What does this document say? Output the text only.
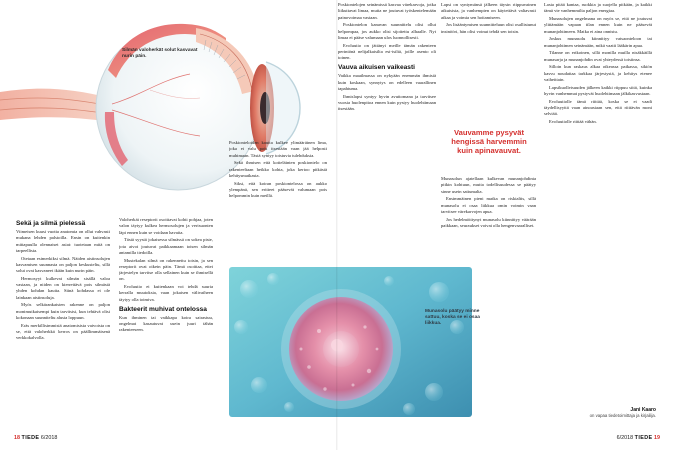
Silmän valoherkät solut kasvavat nurin päin.
Sekä ja silmä pielessä

Viimeisen kuusi vuotta anatomia on ollut vahvasti mukana lehden palstoilla. Ensin on kuitenkin mittapuulla olennaiset asiat: tuotetaan mitä on tarpeellista.

Otetaan esimerkiksi silmä. Näiden aistinsolujen kasvamisen suunnasta on paljon keskusteltu, sillä solut ovat kasvaneet ikään kuin nurin päin.

Hermosyyt kulkevat silmän sisällä valoa vastaan, ja niiden on kierrettävä pois silmästä yhden kohdan kautta. Siinä kohdassa ei ole lainkaan aistinsoluja.

Myös selkärankaisten rakenne on paljon monimutkaisempi kuin tarvitsisi, kun tehtävä olisi kokonaan suunniteltu alusta loppuun.

Eräs merkillisimmistä anatomisista vaivoista on se, että valoherkkä kerros on päällimmäisenä verkkokalvolla.

Valoherkät reseptorit osoittavat kohti pohjaa, joten valon täytyy kulkea hermosolujen ja verisuonten läpi ennen kuin se voidaan havaita.

Tästä syystä jokaisessa silmässä on sokea piste, jota aivot joutuvat paikkaamaan toisen silmän antamilla tiedoilla.

Mustekalan silmä on rakennettu toisin, ja sen reseptorit ovat oikein päin. Tämä osoittaa, ettei järjestelyn tarvitse olla sellainen kuin se ihmisellä on.

Evoluutio ei kuitenkaan voi tehdä suuria kerralla muutoksia, vaan jokaisen välivaiheen täytyy olla toimiva.

Bakteerit muhivat ontelossa

Kun ihminen tai vaikkapa koira sairastuu, ongelmat kasautuvat usein juuri tähän rakenteeseen.

Poskionteloiden kautta kulkee ylimääräinen lima, joka ei valu pois itsestään vaan jää helposti muhimaan. Tästä syntyy toistuvia tulehduksia.

Sekä ihmisen että kotieläinten poskiontelo on rakenteeltaan heikko kohta, joka kertoo pitkästä kehitysmatkasta.

Siksi, että koiran poskiontelossa on aukko ylempänä, sen eritteet pääsevät valumaan pois helpommin kuin meillä.

Munasolu päätyy minne sattuu, koska se ei osaa liikkua.

Poskiontelojen seinämissä kasvaa värekarvoja, jotka liikuttavat limaa, mutta ne joutuvat työskentelemään painovoimaa vastaan.

Poskiontelon kanavan suunnittelu olisi ollut helpompaa, jos aukko olisi sijoitettu alhaalle. Nyt limaa ei pääse valumaan ulos luonnollisesti.

Evoluutio on jättänyt meille tämän rakenteen perintönä nelijalkaisilta esi-isiltä, joille asento oli toinen.

Vauva aikuisen vaikeasti

Vaikka maailmassa on nykyään enemmän ihmisiä kuin koskaan, synnytys on edelleen vaarallinen tapahtuma.

Ihmislapsi syntyy hyvin avuttomana ja tarvitsee vuosia huolenpitoa ennen kuin pystyy huolehtimaan itsestään.

Lapsi on syntymänsä jälkeen täysin riippuvainen aikuisista, ja vanhempien on käytettävä valtavasti aikaa ja voimia sen hoitamiseen.

Jos lisääntymisen suunnitteluun olisi osallistunut insinööri, hän olisi voinut tehdä sen toisin.

Vauvamme pysyvät hengissä harvemmin kuin apinavauvat.

Munasolun ajatellaan kulkevan munanjohdinta pitkin kohtuun, mutta todellisuudessa se päätyy sinne usein sattumalta.

Ensimmäinen pieni matka on riskialtis, sillä munasolu ei osaa liikkua omin voimin vaan tarvitsee värekarvojen apua.

Jos hedelmöittynyt munasolu kiinnittyy väärään paikkaan, seuraukset voivat olla hengenvaaralliset.

Lasta pitää kantaa, ruokkia ja suojella pitkään, ja kaikki tämä vie vanhemmilta paljon energiaa.

Munasolujen ongelmana on myös se, että ne joutuvat ylittämään vapaan tilan ennen kuin ne pääsevät munanjohtimeen. Matka ei aina onnistu.

Joskus munasolu kiinnittyy vatsaonteloon tai munanjohtimen seinämään, mikä vaatii lääkärin apua.

Tilanne on erikoinen, sillä monilla muilla nisäkkäillä munasarja ja munanjohdin ovat yhteydessä toisiinsa.

Silloin kun raskaus alkaa oikeassa paikassa, sikiön kasvu noudattaa tarkkaa järjestystä, ja kehitys etenee vaiheittain.

Lapsikuolleisuuden jälkeen kaikki riippuu siitä, kuinka hyvin vanhemmat pystyvät huolehtimaan jälkikasvustaan.

Evoluutiolle tämä riittää, koska se ei vaadi täydellisyyttä vaan ainoastaan sen, että riittävän moni selviää.

Evoluutiolle riittää vähän.

Jani Kaaro
on vapaa tiedetoimittaja ja kirjailija.
18 TIEDE 6/2018	6/2018 TIEDE 19
